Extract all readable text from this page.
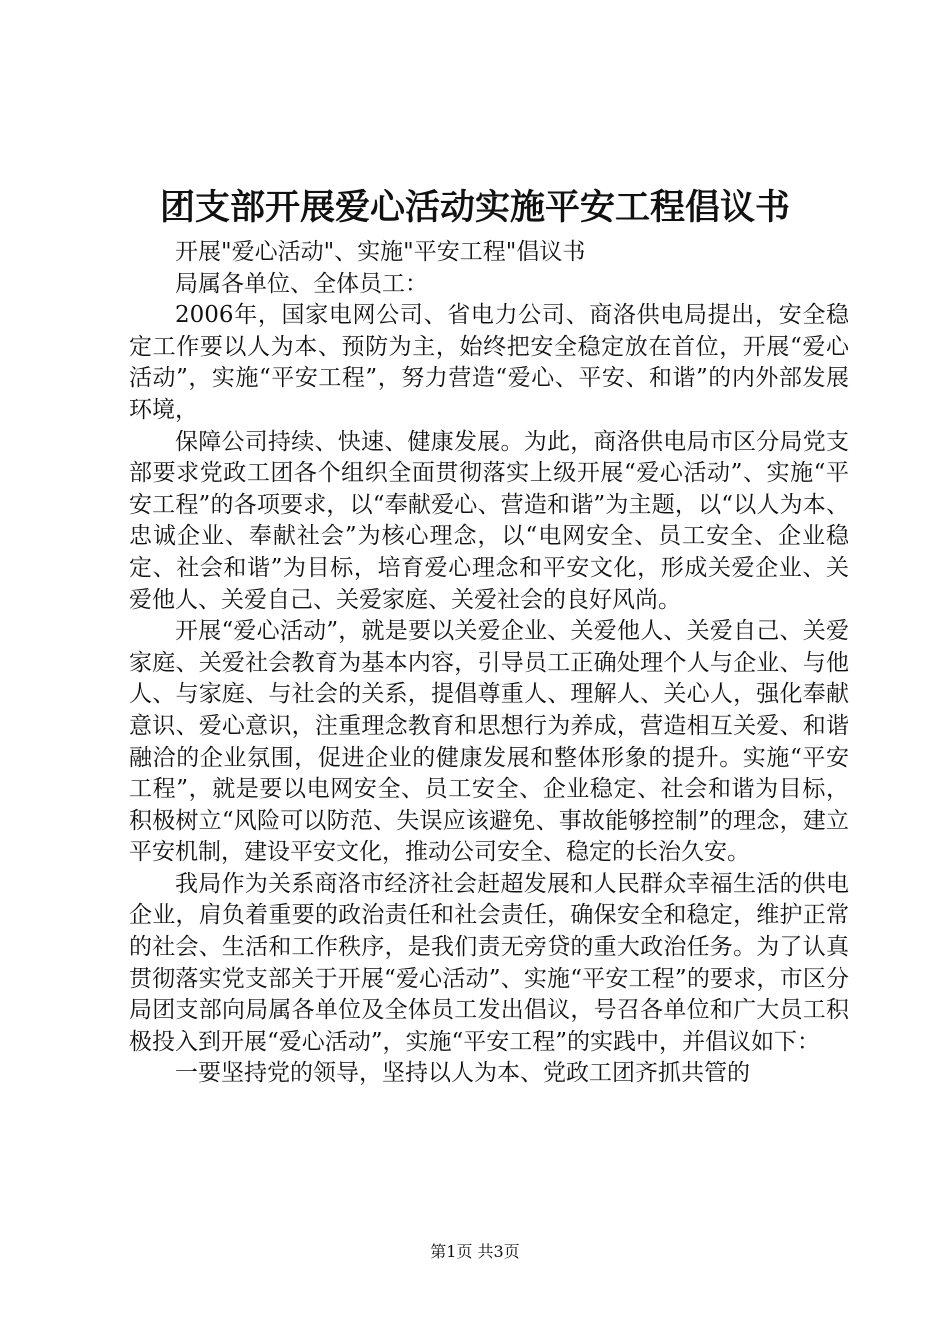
团支部开展爱心活动实施平安工程倡议书

开展"爱心活动"、实施"平安工程"倡议书

局属各单位、全体员工：

2006年，国家电网公司、省电力公司、商洛供电局提出，安全稳定工作要以人为本、预防为主，始终把安全稳定放在首位，开展“爱心活动”，实施“平安工程”，努力营造“爱心、平安、和谐”的内外部发展环境，

保障公司持续、快速、健康发展。为此，商洛供电局市区分局党支部要求党政工团各个组织全面贯彻落实上级开展“爱心活动”、实施“平安工程”的各项要求，以“奉献爱心、营造和谐”为主题，以“以人为本、忠诚企业、奉献社会”为核心理念，以“电网安全、员工安全、企业稳定、社会和谐”为目标，培育爱心理念和平安文化，形成关爱企业、关爱他人、关爱自己、关爱家庭、关爱社会的良好风尚。

开展“爱心活动”，就是要以关爱企业、关爱他人、关爱自己、关爱家庭、关爱社会教育为基本内容，引导员工正确处理个人与企业、与他人、与家庭、与社会的关系，提倡尊重人、理解人、关心人，强化奉献意识、爱心意识，注重理念教育和思想行为养成，营造相互关爱、和谐融洽的企业氛围，促进企业的健康发展和整体形象的提升。实施“平安工程”，就是要以电网安全、员工安全、企业稳定、社会和谐为目标，积极树立“风险可以防范、失误应该避免、事故能够控制”的理念，建立平安机制，建设平安文化，推动公司安全、稳定的长治久安。

我局作为关系商洛市经济社会赶超发展和人民群众幸福生活的供电企业，肩负着重要的政治责任和社会责任，确保安全和稳定，维护正常的社会、生活和工作秩序，是我们责无旁贷的重大政治任务。为了认真贯彻落实党支部关于开展“爱心活动”、实施“平安工程”的要求，市区分局团支部向局属各单位及全体员工发出倡议，号召各单位和广大员工积极投入到开展“爱心活动”，实施“平安工程”的实践中，并倡议如下：

一要坚持党的领导，坚持以人为本、党政工团齐抓共管的

第1页 共3页
